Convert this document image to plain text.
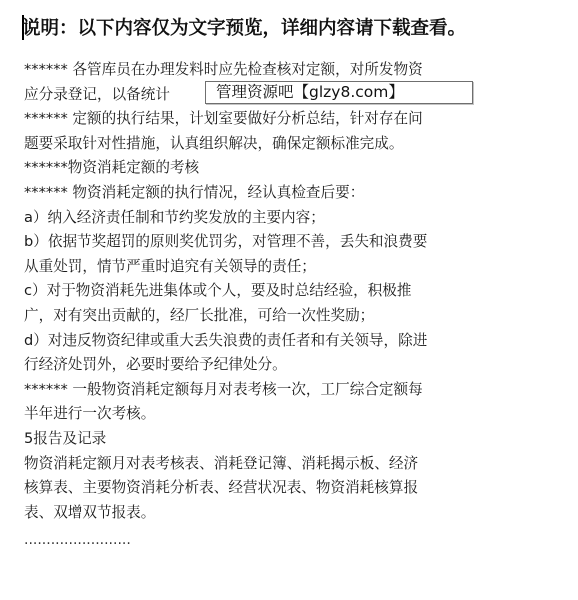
说明：以下内容仅为文字预览，详细内容请下载查看。
****** 各管库员在办理发料时应先检查核对定额，对所发物资
应分录登记，以备统计
****** 定额的执行结果，计划室要做好分析总结，针对存在问
题要采取针对性措施，认真组织解决，确保定额标准完成。
******物资消耗定额的考核
****** 物资消耗定额的执行情况，经认真检查后要：
a）纳入经济责任制和节约奖发放的主要内容；
b）依据节奖超罚的原则奖优罚劣，对管理不善，丢失和浪费要
从重处罚，情节严重时追究有关领导的责任；
c）对于物资消耗先进集体或个人，要及时总结经验，积极推
广，对有突出贡献的，经厂长批准，可给一次性奖励；
d）对违反物资纪律或重大丢失浪费的责任者和有关领导，除进
行经济处罚外，必要时要给予纪律处分。
****** 一般物资消耗定额每月对表考核一次，工厂综合定额每
半年进行一次考核。
5报告及记录
物资消耗定额月对表考核表、消耗登记簿、消耗揭示板、经济
核算表、主要物资消耗分析表、经营状况表、物资消耗核算报
表、双增双节报表。
························
管理资源吧【glzy8.com】
